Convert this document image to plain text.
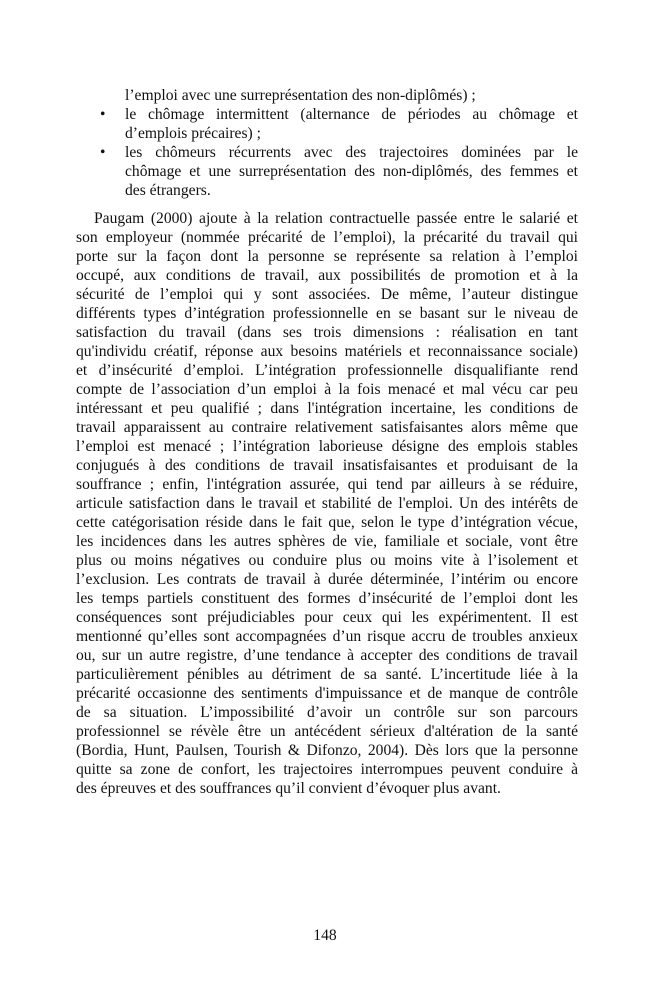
l’emploi avec une surreprésentation des non-diplômés) ;
• le chômage intermittent (alternance de périodes au chômage et
d’emplois précaires) ;
• les chômeurs récurrents avec des trajectoires dominées par le
chômage et une surreprésentation des non-diplômés, des femmes et
des étrangers.
Paugam (2000) ajoute à la relation contractuelle passée entre le salarié et
son employeur (nommée précarité de l’emploi), la précarité du travail qui
porte sur la façon dont la personne se représente sa relation à l’emploi
occupé, aux conditions de travail, aux possibilités de promotion et à la
sécurité de l’emploi qui y sont associées. De même, l’auteur distingue
différents types d’intégration professionnelle en se basant sur le niveau de
satisfaction du travail (dans ses trois dimensions : réalisation en tant
qu'individu créatif, réponse aux besoins matériels et reconnaissance sociale)
et d’insécurité d’emploi. L’intégration professionnelle disqualifiante rend
compte de l’association d’un emploi à la fois menacé et mal vécu car peu
intéressant et peu qualifié ; dans l'intégration incertaine, les conditions de
travail apparaissent au contraire relativement satisfaisantes alors même que
l’emploi est menacé ; l’intégration laborieuse désigne des emplois stables
conjugués à des conditions de travail insatisfaisantes et produisant de la
souffrance ; enfin, l'intégration assurée, qui tend par ailleurs à se réduire,
articule satisfaction dans le travail et stabilité de l'emploi. Un des intérêts de
cette catégorisation réside dans le fait que, selon le type d’intégration vécue,
les incidences dans les autres sphères de vie, familiale et sociale, vont être
plus ou moins négatives ou conduire plus ou moins vite à l’isolement et
l’exclusion. Les contrats de travail à durée déterminée, l’intérim ou encore
les temps partiels constituent des formes d’insécurité de l’emploi dont les
conséquences sont préjudiciables pour ceux qui les expérimentent. Il est
mentionné qu’elles sont accompagnées d’un risque accru de troubles anxieux
ou, sur un autre registre, d’une tendance à accepter des conditions de travail
particulièrement pénibles au détriment de sa santé. L’incertitude liée à la
précarité occasionne des sentiments d'impuissance et de manque de contrôle
de sa situation. L’impossibilité d’avoir un contrôle sur son parcours
professionnel se révèle être un antécédent sérieux d'altération de la santé
(Bordia, Hunt, Paulsen, Tourish & Difonzo, 2004). Dès lors que la personne
quitte sa zone de confort, les trajectoires interrompues peuvent conduire à
des épreuves et des souffrances qu’il convient d’évoquer plus avant.
148
